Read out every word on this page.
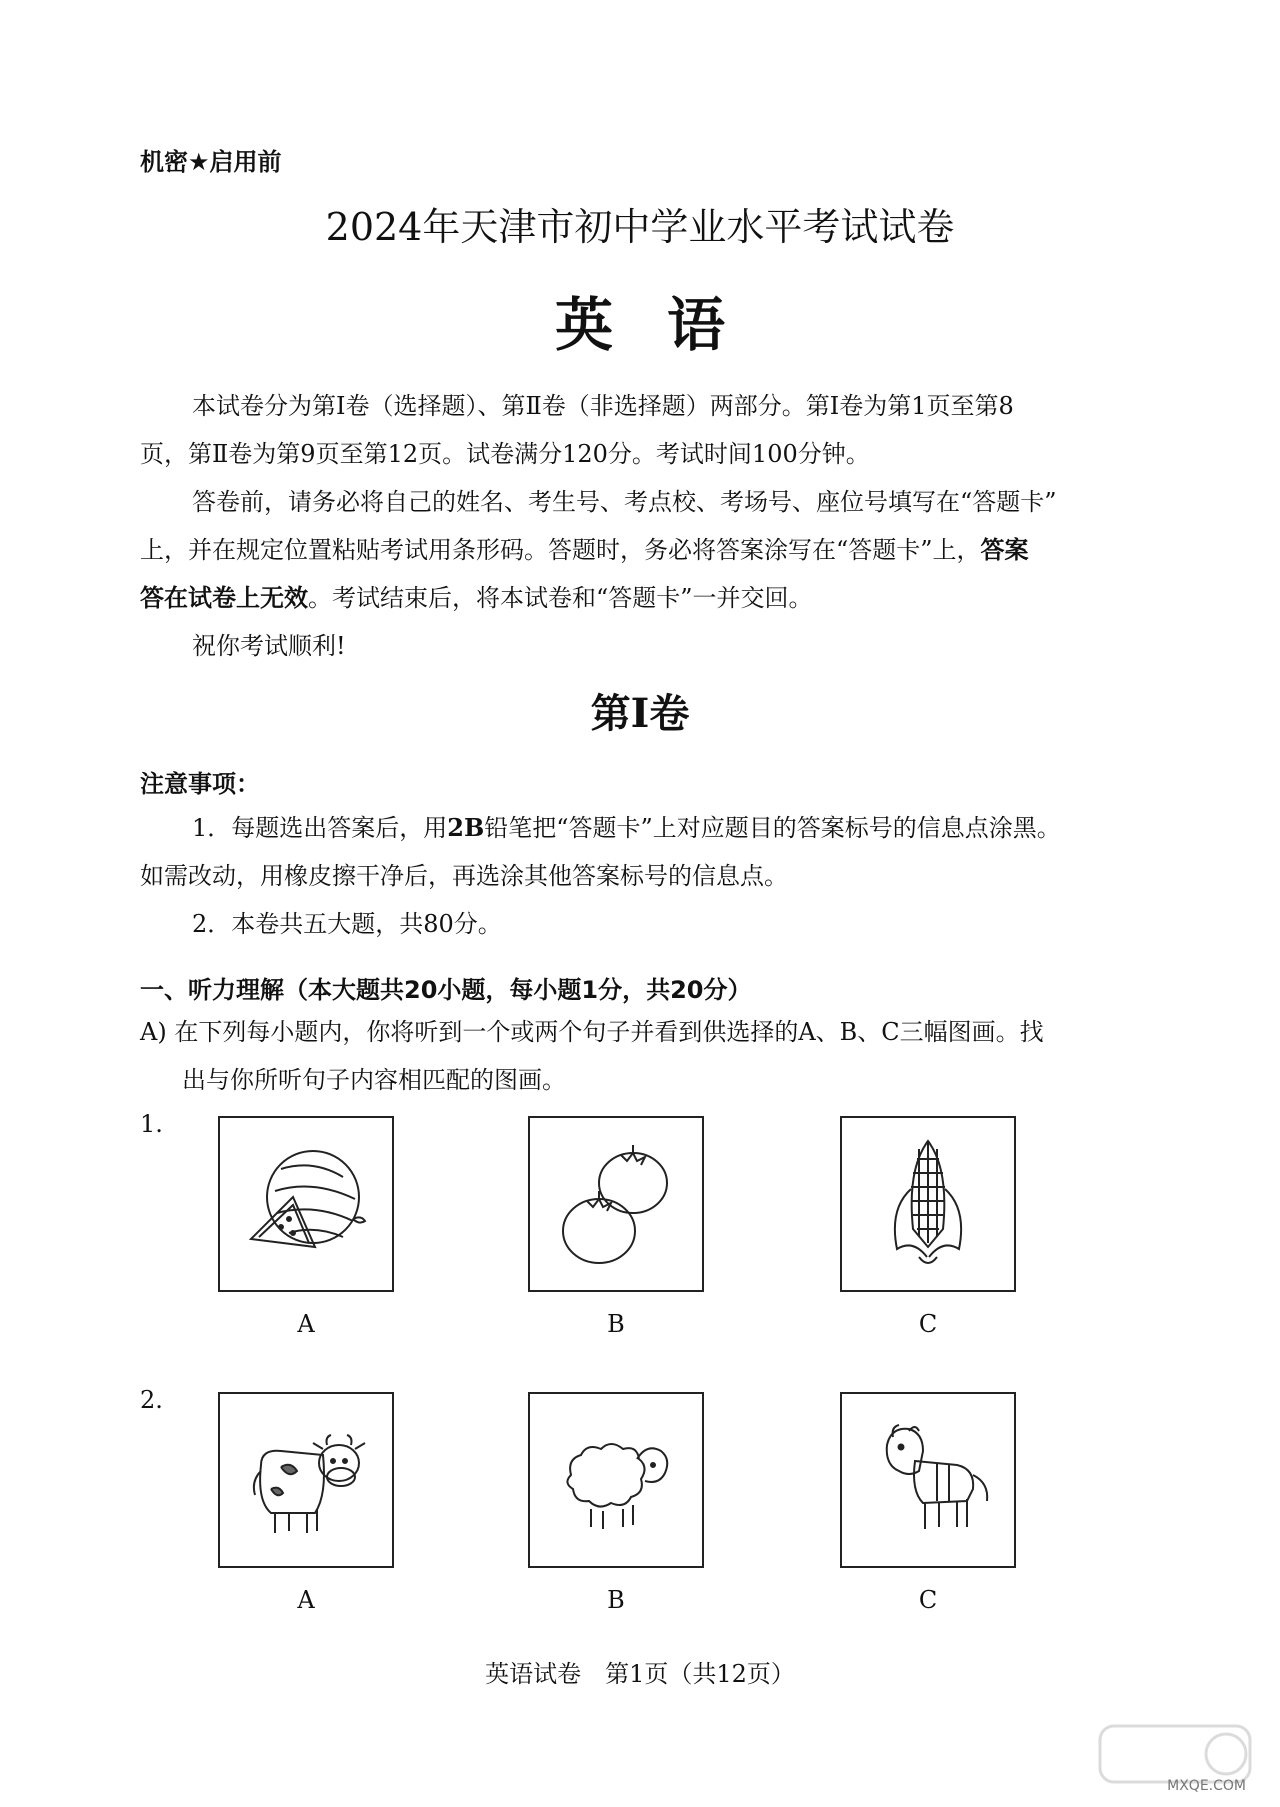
机密★启用前
2024年天津市初中学业水平考试试卷
英语
本试卷分为第Ⅰ卷（选择题）、第Ⅱ卷（非选择题）两部分。第Ⅰ卷为第1页至第8
页，第Ⅱ卷为第9页至第12页。试卷满分120分。考试时间100分钟。
答卷前，请务必将自己的姓名、考生号、考点校、考场号、座位号填写在“答题卡”
上，并在规定位置粘贴考试用条形码。答题时，务必将答案涂写在“答题卡”上，答案
答在试卷上无效。考试结束后，将本试卷和“答题卡”一并交回。
祝你考试顺利!
第Ⅰ卷
注意事项：
1．每题选出答案后，用2B铅笔把“答题卡”上对应题目的答案标号的信息点涂黑。
如需改动，用橡皮擦干净后，再选涂其他答案标号的信息点。
2．本卷共五大题，共80分。
一、听力理解（本大题共20小题，每小题1分，共20分）
A) 在下列每小题内，你将听到一个或两个句子并看到供选择的A、B、C三幅图画。找
出与你所听句子内容相匹配的图画。
1.
A	B	C
2.
A	B	C
英语试卷　第1页（共12页）
MXQE.COM
